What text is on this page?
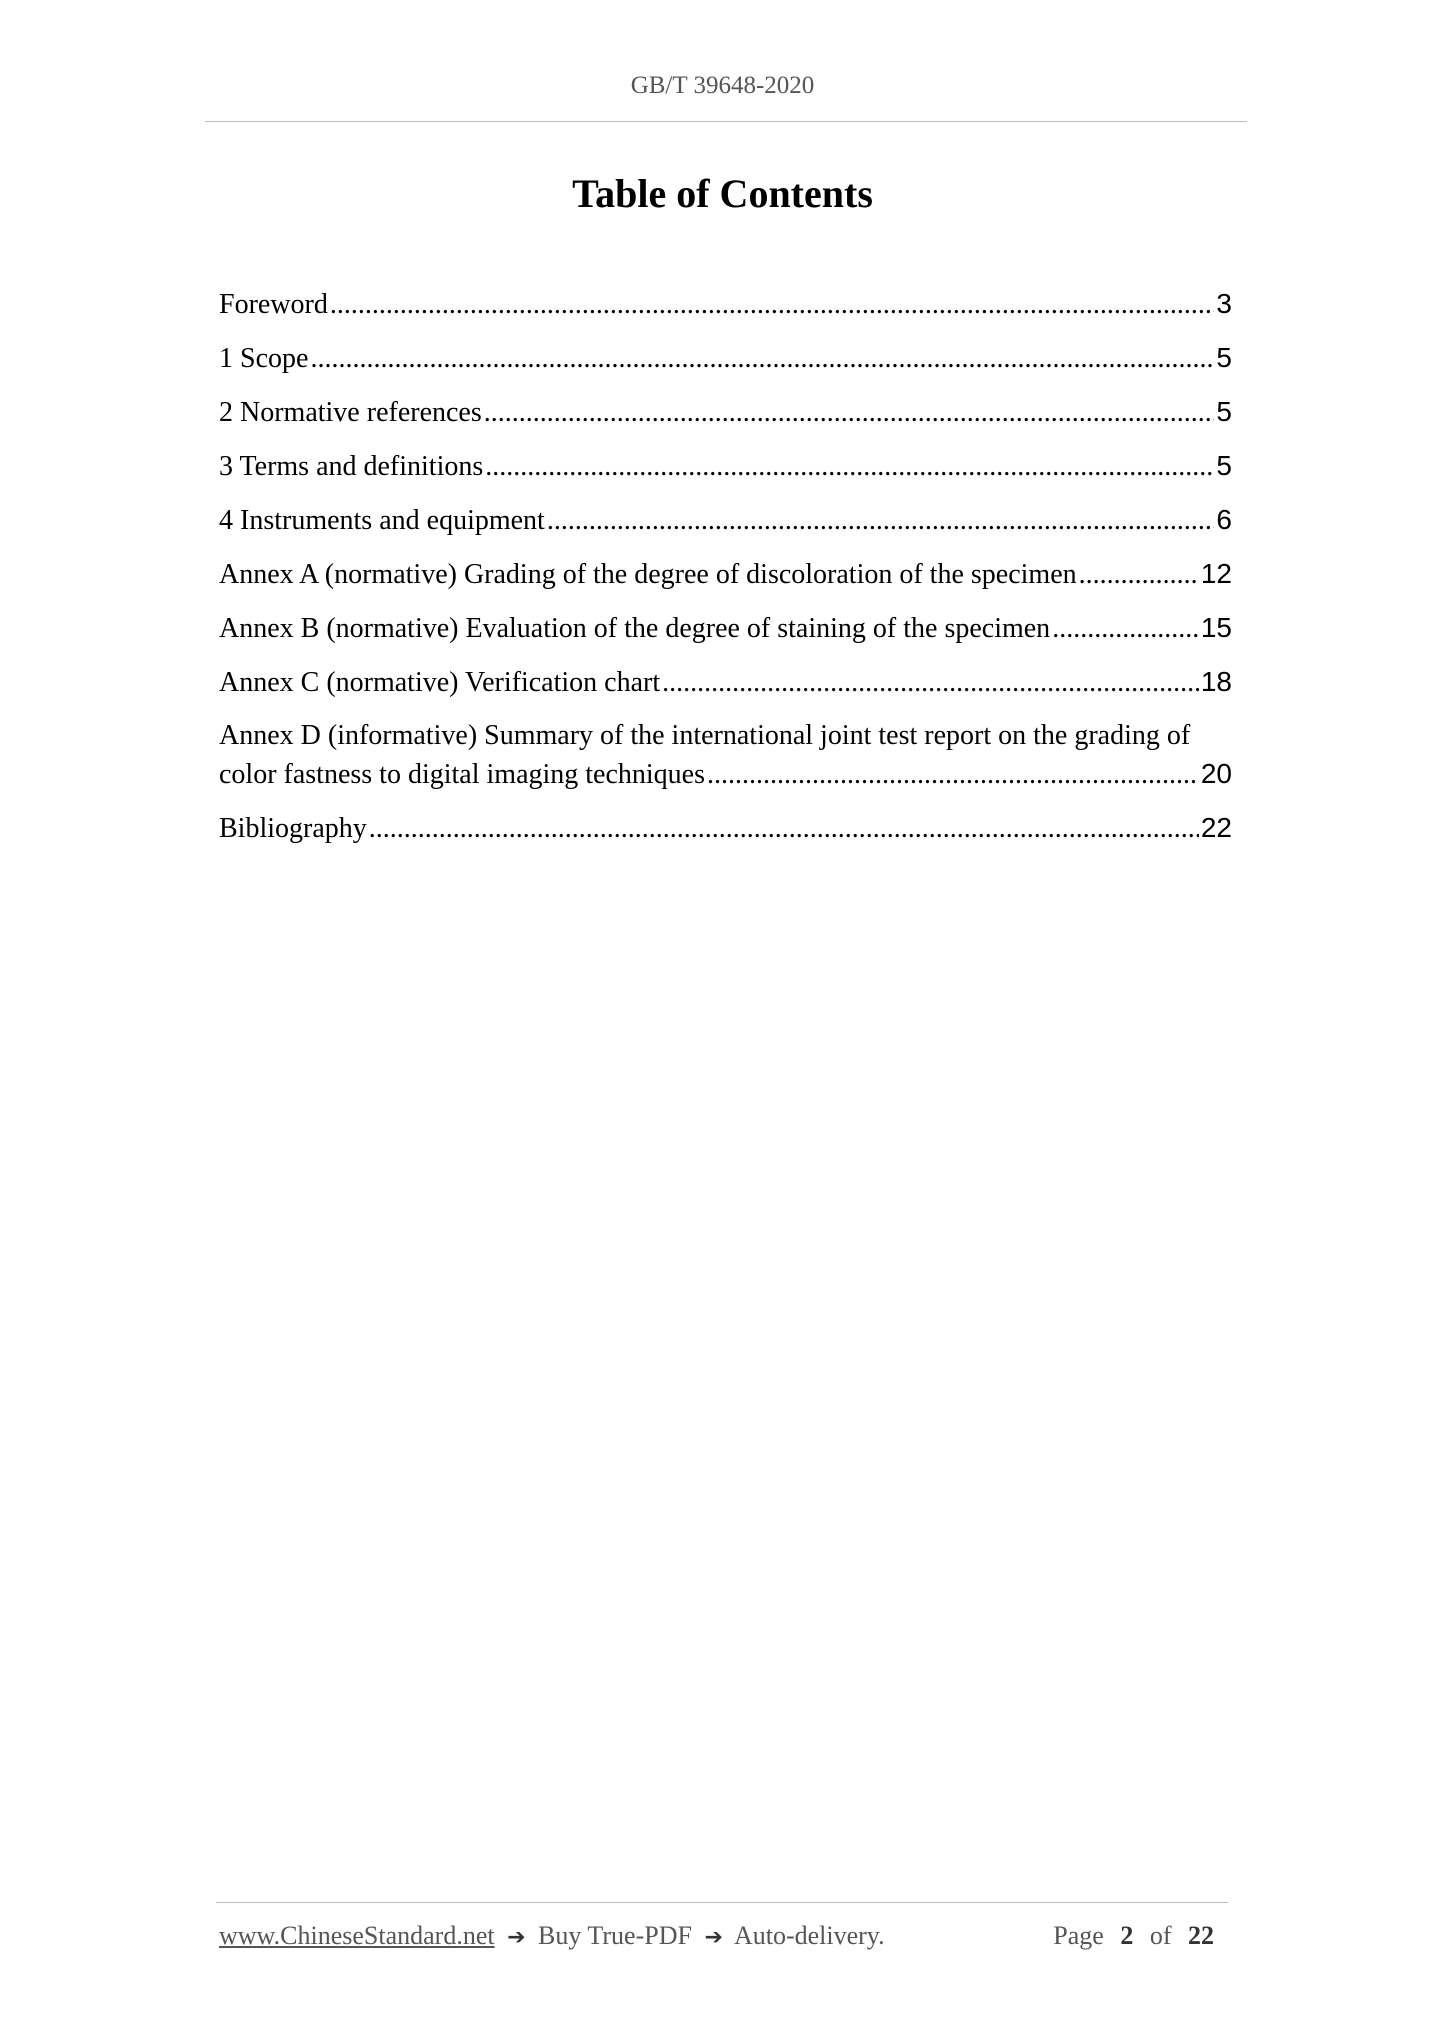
GB/T 39648-2020
Table of Contents
Foreword .....	3
1 Scope .....	5
2 Normative references .....	5
3 Terms and definitions .....	5
4 Instruments and equipment .....	6
Annex A (normative) Grading of the degree of discoloration of the specimen .....	12
Annex B (normative) Evaluation of the degree of staining of the specimen .....	15
Annex C (normative) Verification chart .....	18
Annex D (informative) Summary of the international joint test report on the grading of
color fastness to digital imaging techniques .....	20
Bibliography .....	22
www.ChineseStandard.net ➔ Buy True-PDF ➔ Auto-delivery.	Page 2 of 22
